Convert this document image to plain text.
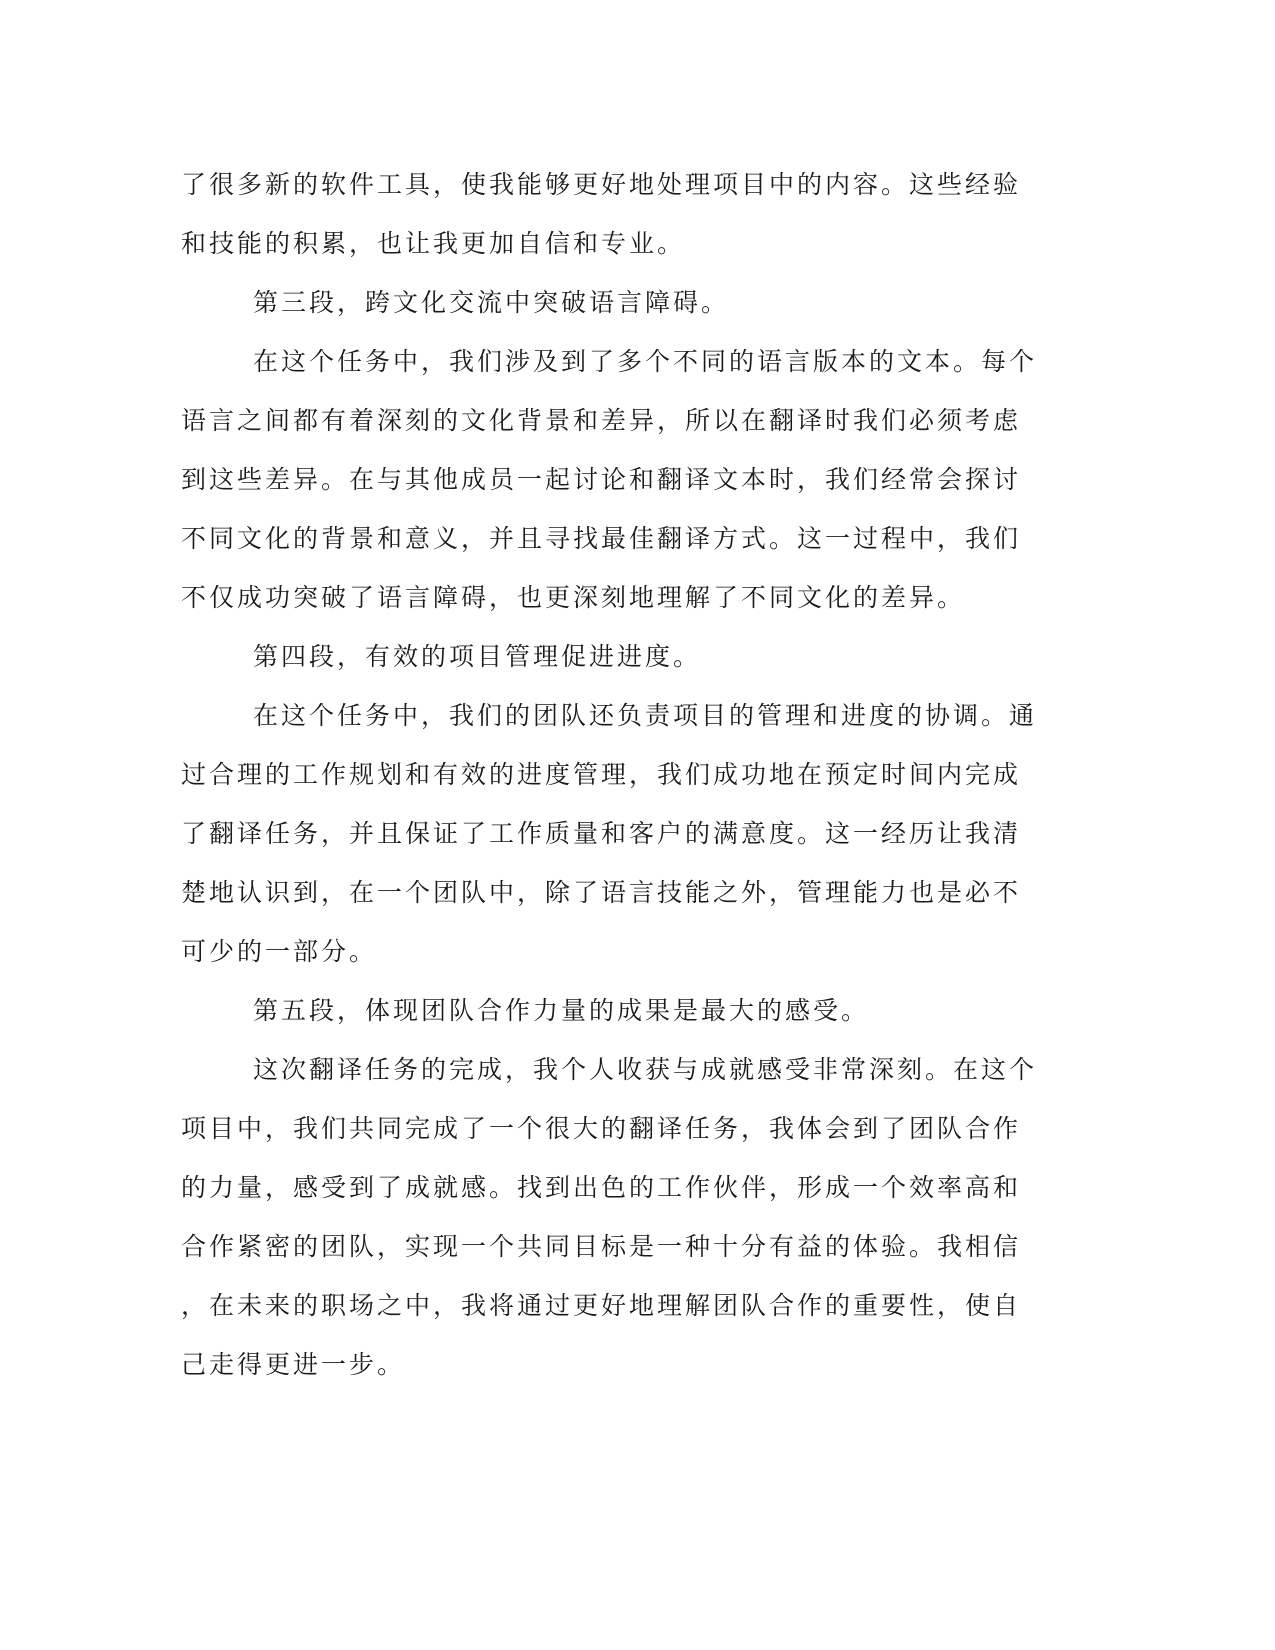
了很多新的软件工具，使我能够更好地处理项目中的内容。这些经验
和技能的积累，也让我更加自信和专业。
第三段，跨文化交流中突破语言障碍。
在这个任务中，我们涉及到了多个不同的语言版本的文本。每个
语言之间都有着深刻的文化背景和差异，所以在翻译时我们必须考虑
到这些差异。在与其他成员一起讨论和翻译文本时，我们经常会探讨
不同文化的背景和意义，并且寻找最佳翻译方式。这一过程中，我们
不仅成功突破了语言障碍，也更深刻地理解了不同文化的差异。
第四段，有效的项目管理促进进度。
在这个任务中，我们的团队还负责项目的管理和进度的协调。通
过合理的工作规划和有效的进度管理，我们成功地在预定时间内完成
了翻译任务，并且保证了工作质量和客户的满意度。这一经历让我清
楚地认识到，在一个团队中，除了语言技能之外，管理能力也是必不
可少的一部分。
第五段，体现团队合作力量的成果是最大的感受。
这次翻译任务的完成，我个人收获与成就感受非常深刻。在这个
项目中，我们共同完成了一个很大的翻译任务，我体会到了团队合作
的力量，感受到了成就感。找到出色的工作伙伴，形成一个效率高和
合作紧密的团队，实现一个共同目标是一种十分有益的体验。我相信
，在未来的职场之中，我将通过更好地理解团队合作的重要性，使自
己走得更进一步。
